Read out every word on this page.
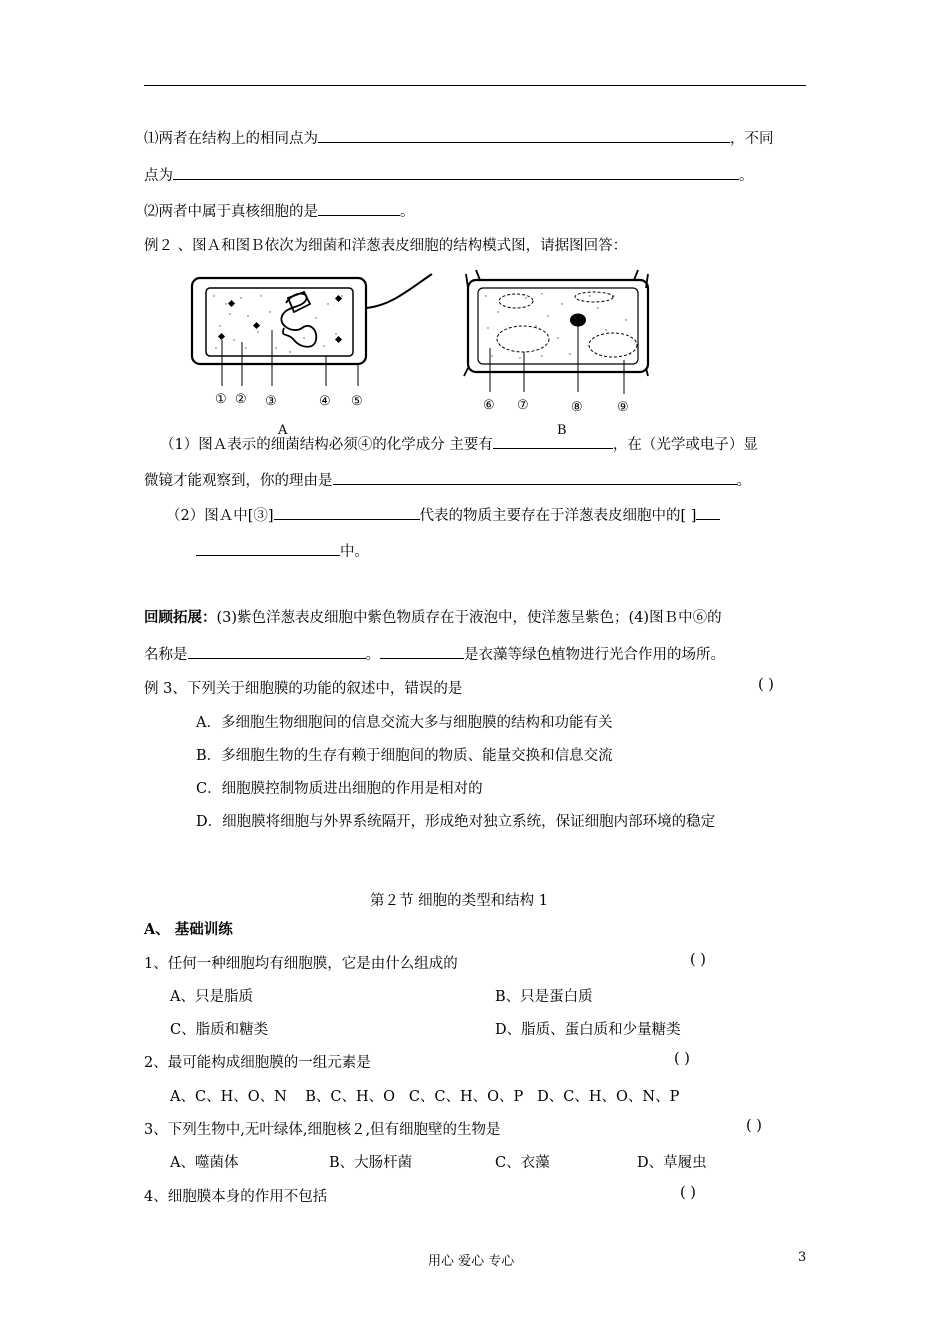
⑴两者在结构上的相同点为	，不同
点为	。
⑵两者中属于真核细胞的是	。
例２ 、图Ａ和图Ｂ依次为细菌和洋葱表皮细胞的结构模式图，请据图回答：
① ② ③	④ ⑤
A
⑥ ⑦	⑧	⑨
B
（1）图Ａ表示的细菌结构必须④的化学成分 主要有	，在（光学或电子）显
微镜才能观察到，你的理由是	。
（2）图Ａ中[③]	代表的物质主要存在于洋葱表皮细胞中的[ ]
中。
回顾拓展：(3)紫色洋葱表皮细胞中紫色物质存在于液泡中，使洋葱呈紫色；(4)图Ｂ中⑥的
名称是	。	是衣藻等绿色植物进行光合作用的场所。
例 3、下列关于细胞膜的功能的叙述中，错误的是	( )
A．多细胞生物细胞间的信息交流大多与细胞膜的结构和功能有关
B．多细胞生物的生存有赖于细胞间的物质、能量交换和信息交流
C．细胞膜控制物质进出细胞的作用是相对的
D．细胞膜将细胞与外界系统隔开，形成绝对独立系统，保证细胞内部环境的稳定
第２节 细胞的类型和结构 1
A、 基础训练
1、任何一种细胞均有细胞膜，它是由什么组成的	( )
A、只是脂质	B、只是蛋白质
C、脂质和糖类	D、脂质、蛋白质和少量糖类
2、最可能构成细胞膜的一组元素是	( )
A、C、H、O、N    B、C、H、O   C、C、H、O、P   D、C、H、O、N、P
3、下列生物中,无叶绿体,细胞核２,但有细胞壁的生物是	( )
A、噬菌体	B、大肠杆菌	C、衣藻	D、草履虫
4、细胞膜本身的作用不包括	( )
用心 爱心 专心	3
